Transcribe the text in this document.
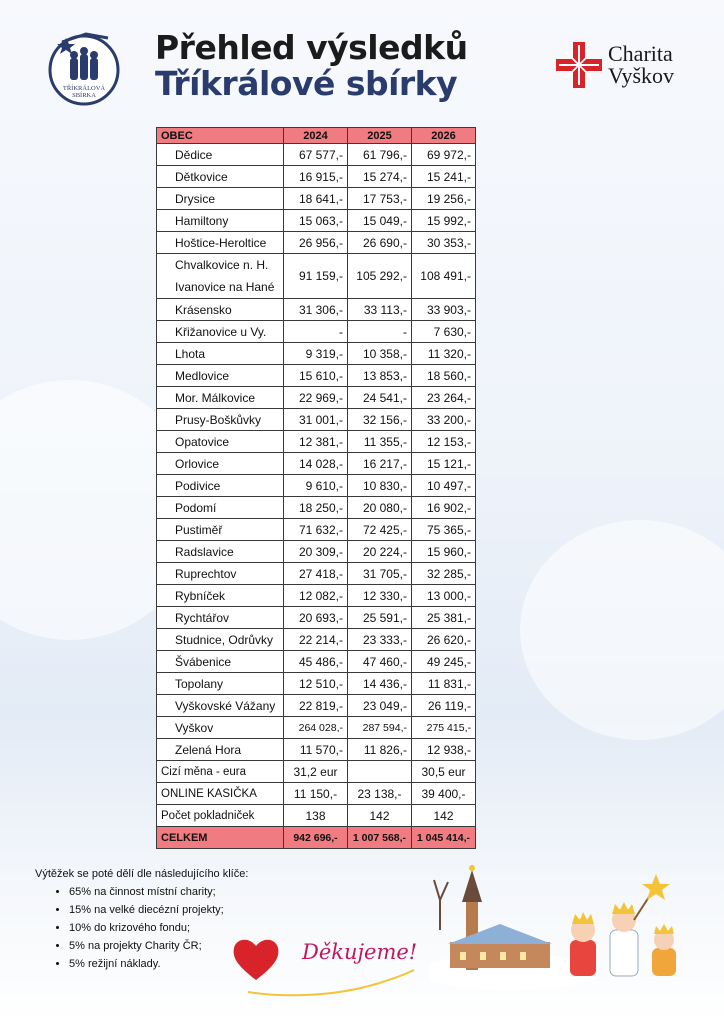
TŘÍKRÁLOVÁ
SBÍRKA
Přehled výsledků
Tříkrálové sbírky
Charita
Vyškov
OBEC	2024	2025	2026
Dědice	67 577,-	61 796,-	69 972,-
Dětkovice	16 915,-	15 274,-	15 241,-
Drysice	18 641,-	17 753,-	19 256,-
Hamiltony	15 063,-	15 049,-	15 992,-
Hoštice-Heroltice	26 956,-	26 690,-	30 353,-

Chvalkovice n. H.
Ivanovice na Hané	91 159,-	105 292,-	108 491,-
Krásensko	31 306,-	33 113,-	33 903,-
Křižanovice u Vy.	-	-	7 630,-
Lhota	9 319,-	10 358,-	11 320,-
Medlovice	15 610,-	13 853,-	18 560,-
Mor. Málkovice	22 969,-	24 541,-	23 264,-
Prusy-Boškůvky	31 001,-	32 156,-	33 200,-
Opatovice	12 381,-	11 355,-	12 153,-
Orlovice	14 028,-	16 217,-	15 121,-
Podivice	9 610,-	10 830,-	10 497,-
Podomí	18 250,-	20 080,-	16 902,-
Pustiměř	71 632,-	72 425,-	75 365,-
Radslavice	20 309,-	20 224,-	15 960,-
Ruprechtov	27 418,-	31 705,-	32 285,-
Rybníček	12 082,-	12 330,-	13 000,-
Rychtářov	20 693,-	25 591,-	25 381,-
Studnice, Odrůvky	22 214,-	23 333,-	26 620,-
Švábenice	45 486,-	47 460,-	49 245,-
Topolany	12 510,-	14 436,-	11 831,-
Vyškovské Vážany	22 819,-	23 049,-	26 119,-
Vyškov	264 028,-	287 594,-	275 415,-
Zelená Hora	11 570,-	11 826,-	12 938,-
Cizí měna - eura	31,2 eur		30,5 eur
ONLINE KASIČKA	11 150,-	23 138,-	39 400,-
Počet pokladniček	138	142	142
CELKEM	942 696,-	1 007 568,-	1 045 414,-
Výtěžek se poté dělí dle následujícího klíče:
• 65% na činnost místní charity;
• 15% na velké diecézní projekty;
• 10% do krizového fondu;
• 5% na projekty Charity ČR;
• 5% režijní náklady.	Děkujeme!
